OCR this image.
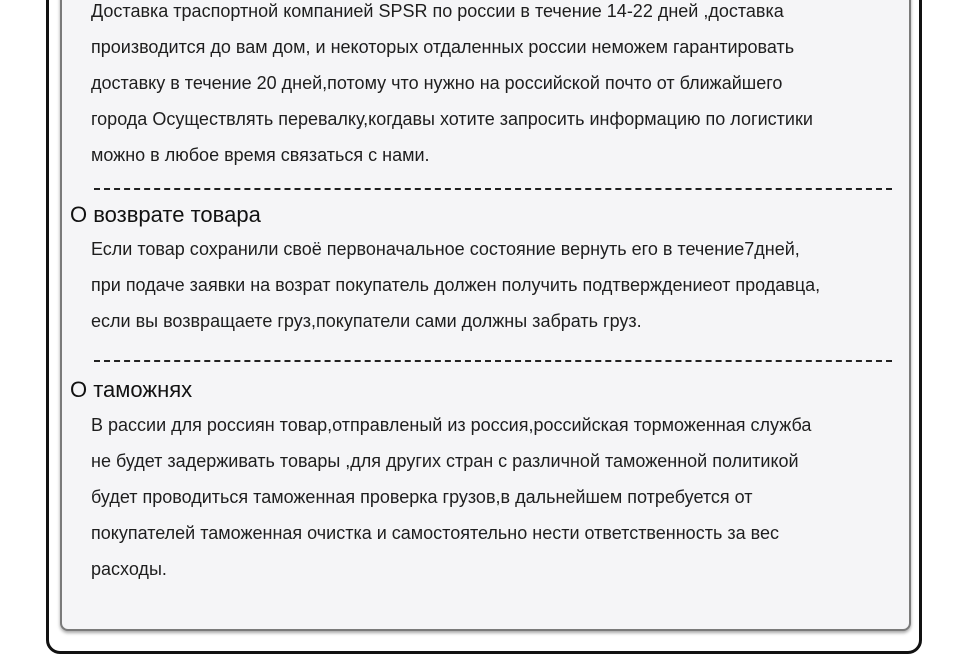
Доставка траспортной компанией SPSR по россии в течение 14-22 дней ,доставка
производится до вам дом, и некоторых отдаленных россии неможем гарантировать
доставку в течение 20 дней,потому что нужно на российской почто от ближайшего
города Осуществлять перевалку,когдавы хотите запросить информацию по логистики
можно в любое время связаться с нами.
О возврате товара
Если товар сохранили своё первоначальное состояние вернуть его в течение7дней,
при подаче заявки на возрат покупатель должен получить подтверждениеот продавца,
если вы возвращаете груз,покупатели сами должны забрать груз.
О таможнях
В рассии для россиян товар,отправленый из россия,российская торможенная служба
не будет задерживать товары ,для других стран с различной таможенной политикой
будет проводиться таможенная проверка грузов,в дальнейшем потребуется от
покупателей таможенная очистка и самостоятельно нести ответственность за вес
расходы.
